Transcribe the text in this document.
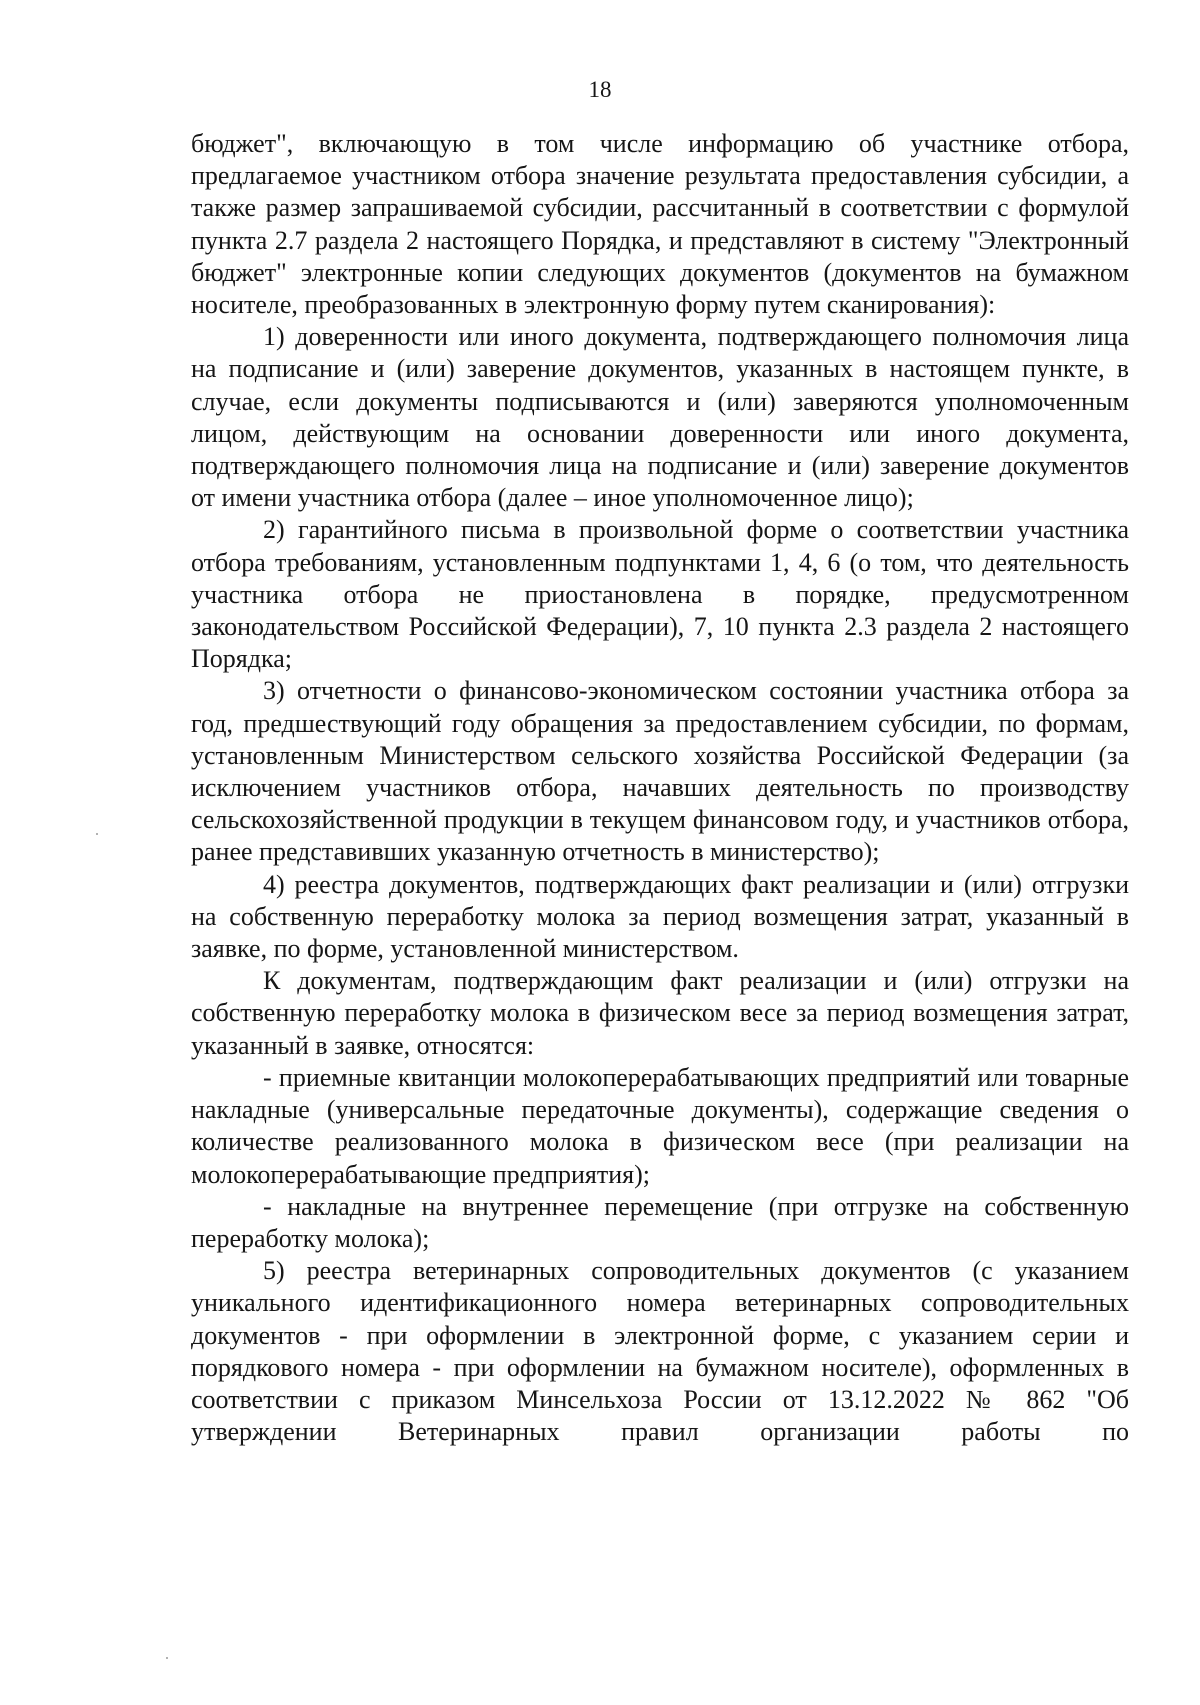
18

бюджет", включающую в том числе информацию об участнике отбора, предлагаемое участником отбора значение результата предоставления субсидии, а также размер запрашиваемой субсидии, рассчитанный в соответствии с формулой пункта 2.7 раздела 2 настоящего Порядка, и представляют в систему "Электронный бюджет" электронные копии следующих документов (документов на бумажном носителе, преобразованных в электронную форму путем сканирования):

1) доверенности или иного документа, подтверждающего полномочия лица на подписание и (или) заверение документов, указанных в настоящем пункте, в случае, если документы подписываются и (или) заверяются уполномоченным лицом, действующим на основании доверенности или иного документа, подтверждающего полномочия лица на подписание и (или) заверение документов от имени участника отбора (далее – иное уполномоченное лицо);

2) гарантийного письма в произвольной форме о соответствии участника отбора требованиям, установленным подпунктами 1, 4, 6 (о том, что деятельность участника отбора не приостановлена в порядке, предусмотренном законодательством Российской Федерации), 7, 10 пункта 2.3 раздела 2 настоящего Порядка;

3) отчетности о финансово-экономическом состоянии участника отбора за год, предшествующий году обращения за предоставлением субсидии, по формам, установленным Министерством сельского хозяйства Российской Федерации (за исключением участников отбора, начавших деятельность по производству сельскохозяйственной продукции в текущем финансовом году, и участников отбора, ранее представивших указанную отчетность в министерство);

4) реестра документов, подтверждающих факт реализации и (или) отгрузки на собственную переработку молока за период возмещения затрат, указанный в заявке, по форме, установленной министерством.

К документам, подтверждающим факт реализации и (или) отгрузки на собственную переработку молока в физическом весе за период возмещения затрат, указанный в заявке, относятся:

- приемные квитанции молокоперерабатывающих предприятий или товарные накладные (универсальные передаточные документы), содержащие сведения о количестве реализованного молока в физическом весе (при реализации на молокоперерабатывающие предприятия);

- накладные на внутреннее перемещение (при отгрузке на собственную переработку молока);

5) реестра ветеринарных сопроводительных документов (с указанием уникального идентификационного номера ветеринарных сопроводительных документов - при оформлении в электронной форме, с указанием серии и порядкового номера - при оформлении на бумажном носителе), оформленных в соответствии с приказом Минсельхоза России от 13.12.2022 № 862 "Об утверждении Ветеринарных правил организации работы по
